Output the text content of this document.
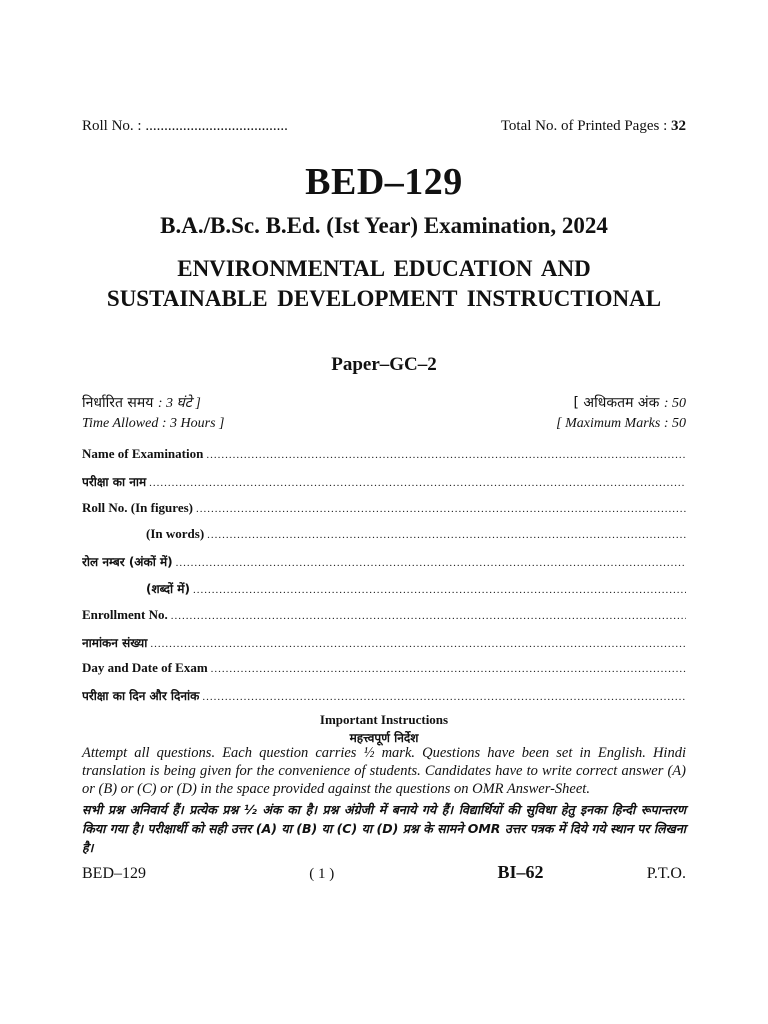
Roll No. : ......................................	Total No. of Printed Pages : 32
BED–129
B.A./B.Sc. B.Ed. (Ist Year) Examination, 2024
ENVIRONMENTAL EDUCATION AND SUSTAINABLE DEVELOPMENT INSTRUCTIONAL
Paper–GC–2
निर्धारित समय : 3 घंटे ]	[ अधिकतम अंक : 50
Time Allowed : 3 Hours ]	[ Maximum Marks : 50
Name of Examination
.....
परीक्षा का नाम
.....
Roll No. (In figures)
.....
(In words)
.....
रोल नम्बर (अंकों में)
.....
(शब्दों में)
.....
Enrollment No.
.....
नामांकन संख्या
.....
Day and Date of Exam
.....
परीक्षा का दिन और दिनांक
.....
Important Instructions
महत्त्वपूर्ण निर्देश
Attempt all questions. Each question carries ½ mark. Questions have been set in English. Hindi translation is being given for the convenience of students. Candidates have to write correct answer (A) or (B) or (C) or (D) in the space provided against the questions on OMR Answer-Sheet.
सभी प्रश्न अनिवार्य हैं। प्रत्येक प्रश्न ½ अंक का है। प्रश्न अंग्रेजी में बनाये गये हैं। विद्यार्थियों की सुविधा हेतु इनका हिन्दी रूपान्तरण किया गया है। परीक्षार्थी को सही उत्तर (A) या (B) या (C) या (D) प्रश्न के सामने OMR उत्तर पत्रक में दिये गये स्थान पर लिखना है।
BED–129	( 1 )	BI–62	P.T.O.
